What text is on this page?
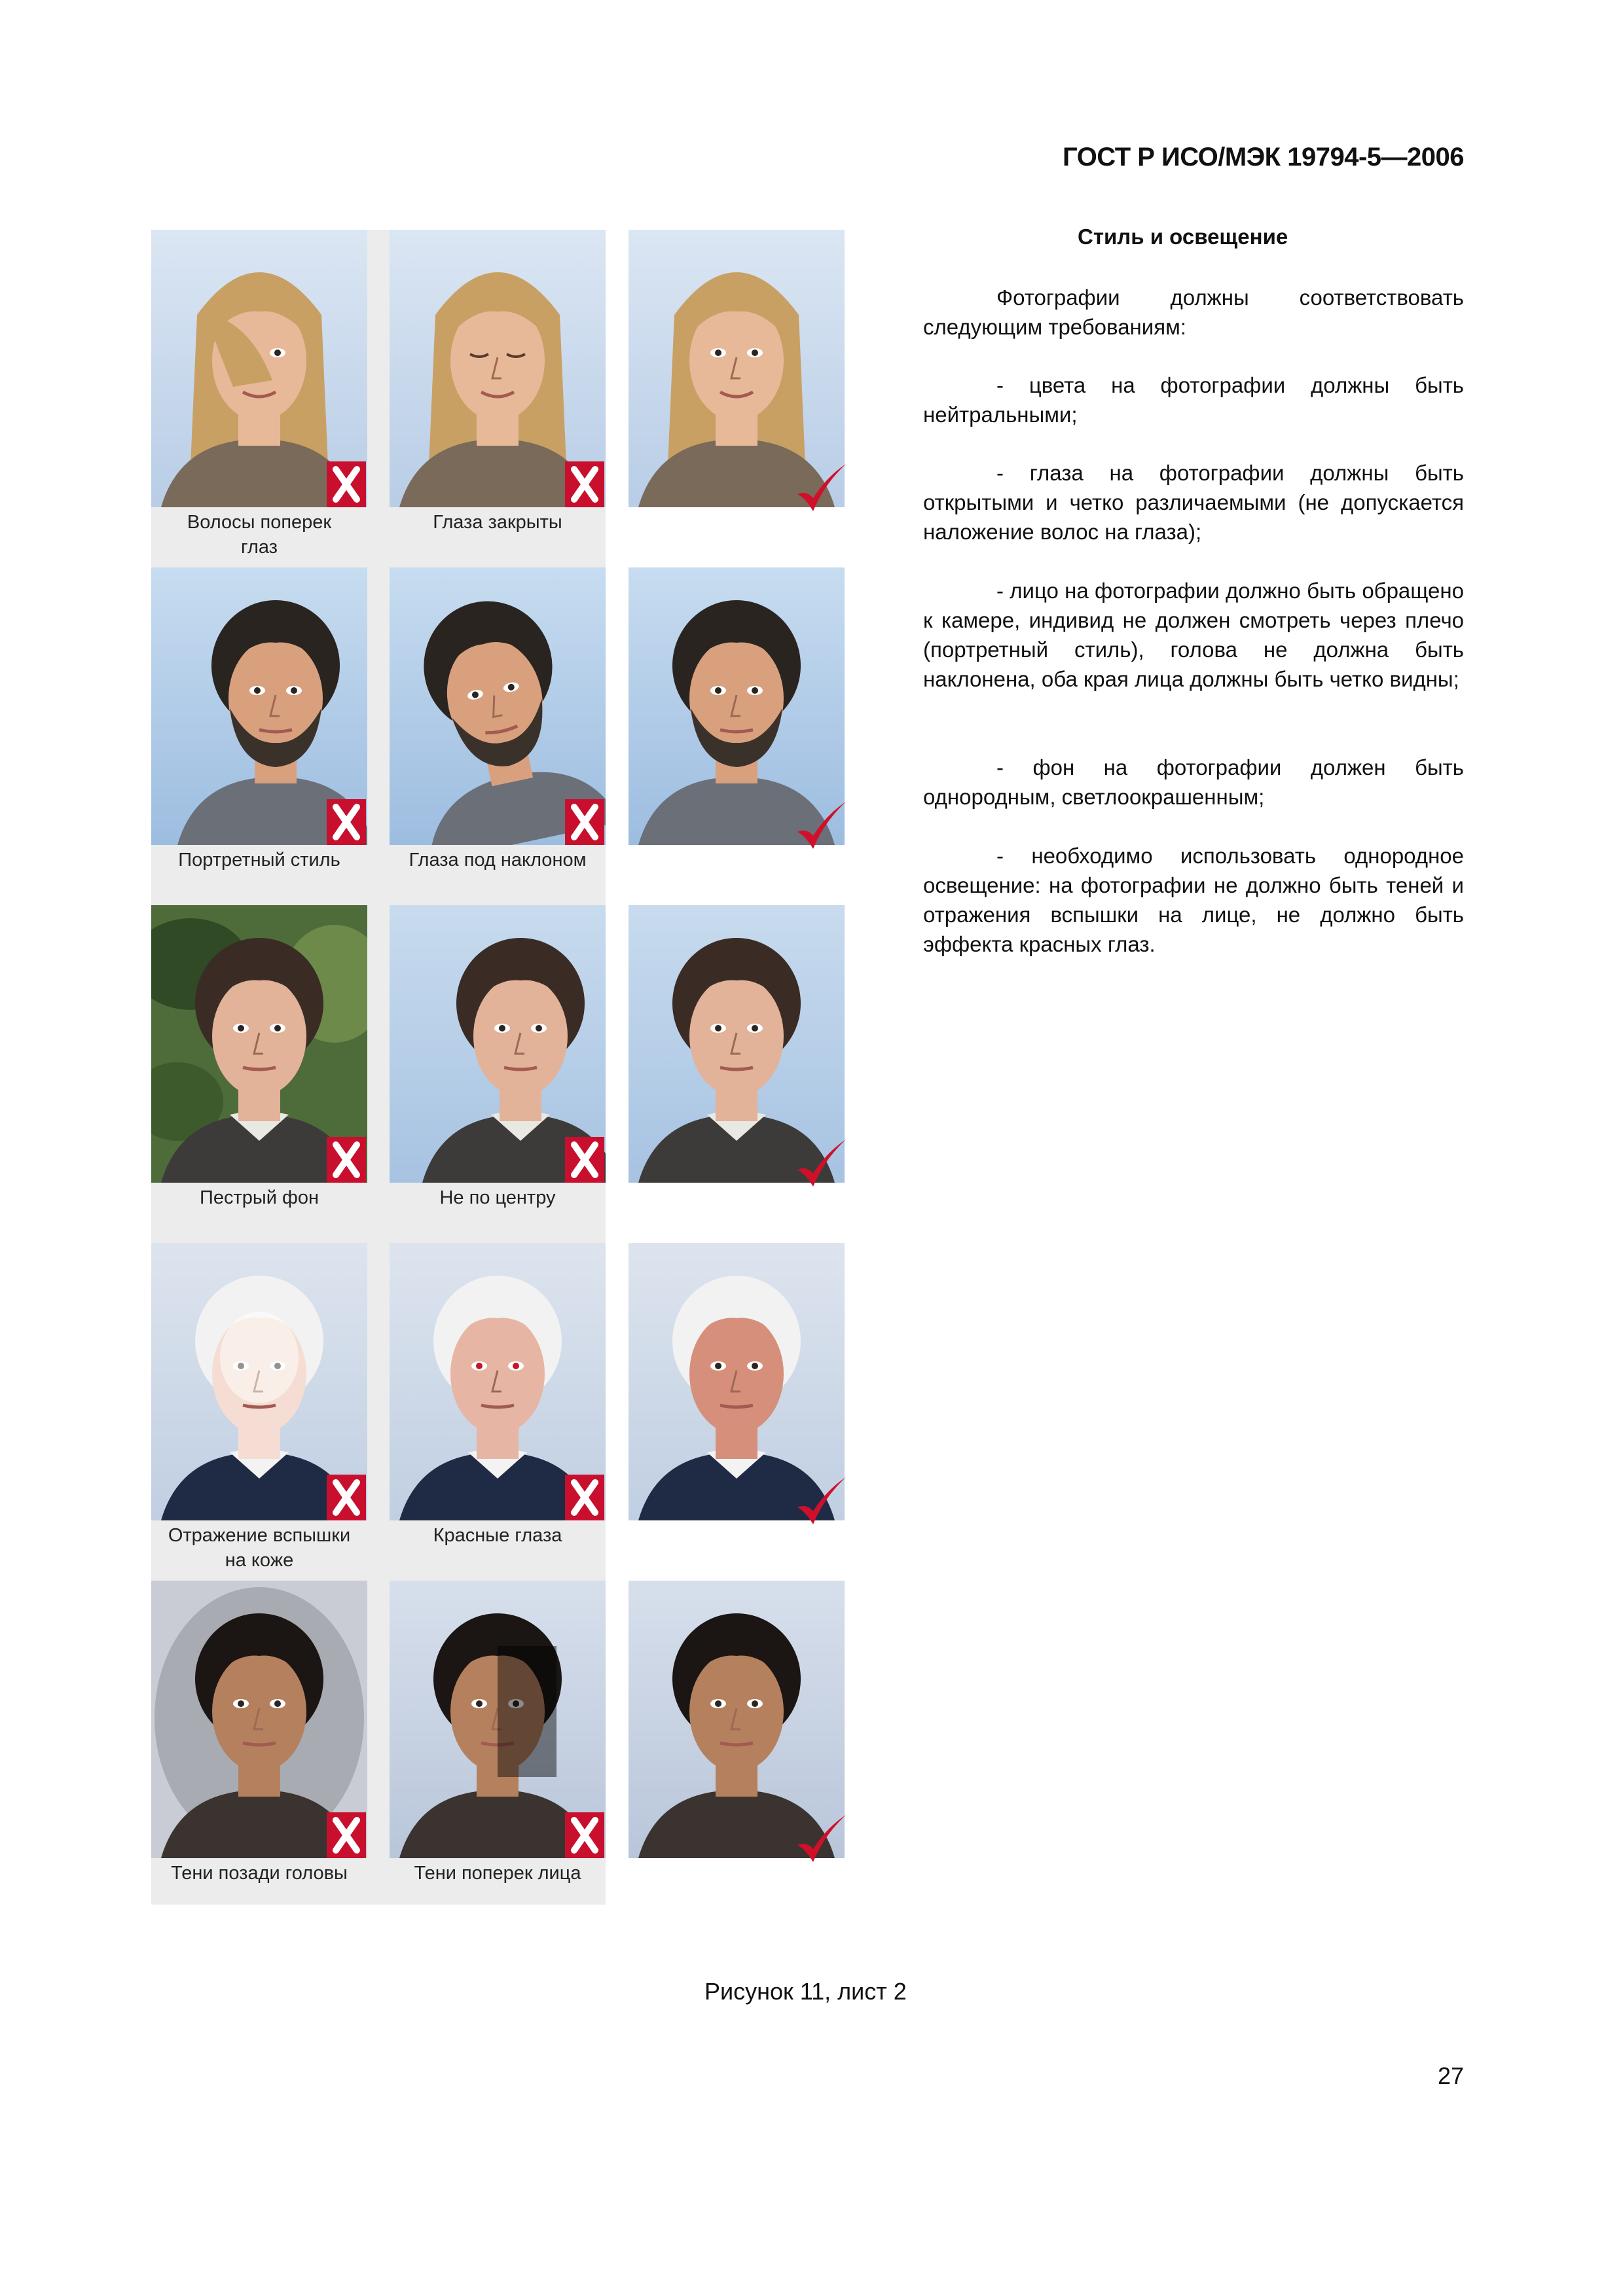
ГОСТ Р ИСО/МЭК 19794-5—2006
Стиль и освещение

Фотографии должны соответствовать следующим требованиям:

- цвета на фотографии должны быть нейтральными;

- глаза на фотографии должны быть открытыми и четко различаемыми (не допускается наложение волос на глаза);

- лицо на фотографии должно быть обращено к камере, индивид не должен смотреть через плечо (портретный стиль), голова не должна быть наклонена, оба края лица должны быть четко видны;

- фон на фотографии должен быть однородным, светлоокрашенным;

- необходимо использовать однородное освещение: на фотографии не должно быть теней и отражения вспышки на лице, не должно быть эффекта красных глаз.

Волосы поперек
глаз
Глаза закрыты
Портретный стиль	Глаза под наклоном
Пестрый фон	Не по центру
Отражение вспышки
на коже
Красные глаза
Тени позади головы	Тени поперек лица
Рисунок 11, лист 2
27
